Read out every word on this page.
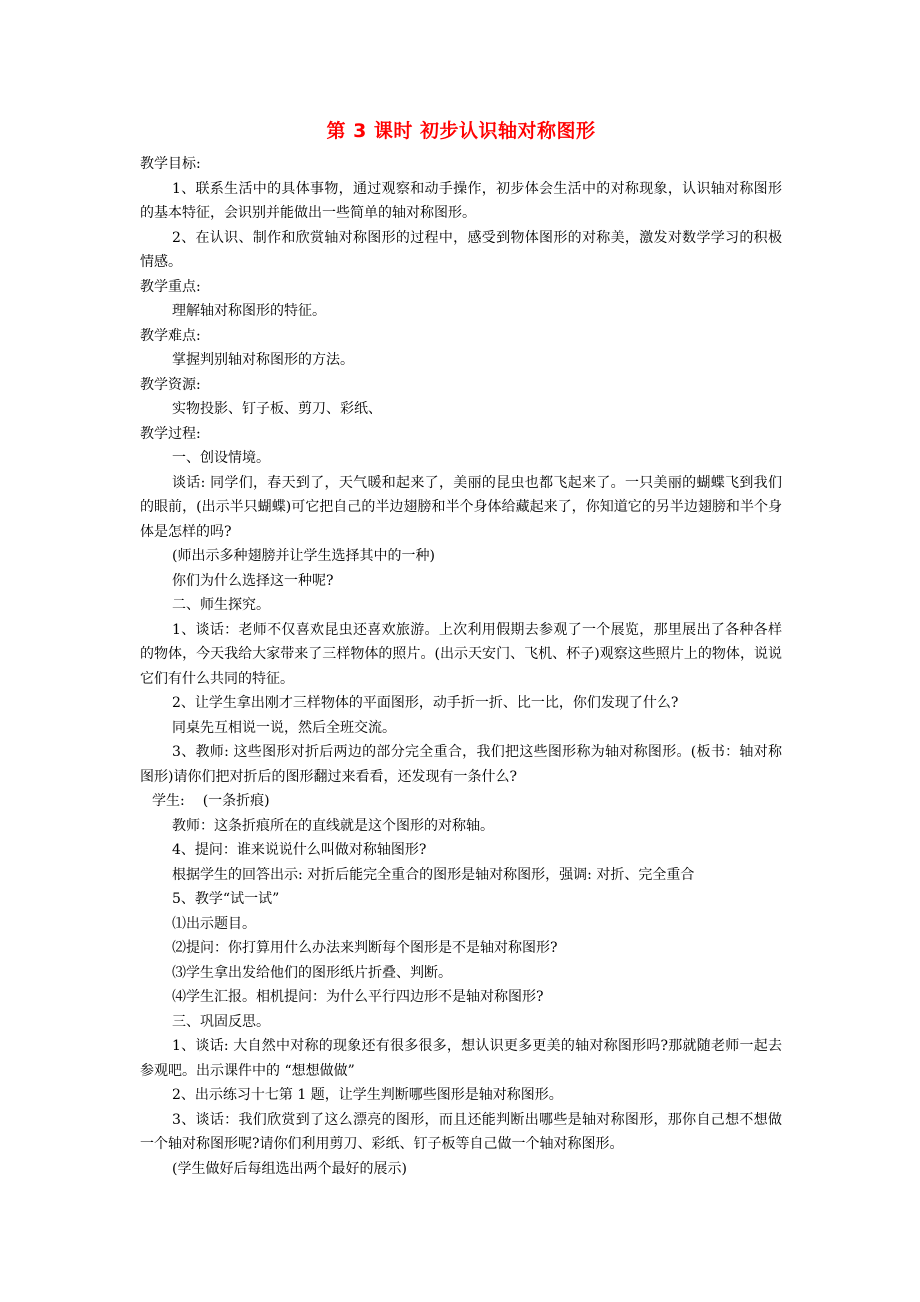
第 3 课时 初步认识轴对称图形

教学目标:

1、联系生活中的具体事物，通过观察和动手操作，初步体会生活中的对称现象，认识轴对称图形的基本特征，会识别并能做出一些简单的轴对称图形。

2、在认识、制作和欣赏轴对称图形的过程中，感受到物体图形的对称美，激发对数学学习的积极情感。

教学重点:

理解轴对称图形的特征。

教学难点:

掌握判别轴对称图形的方法。

教学资源:

实物投影、钉子板、剪刀、彩纸、

教学过程:

一、创设情境。

谈话: 同学们，春天到了，天气暖和起来了，美丽的昆虫也都飞起来了。一只美丽的蝴蝶飞到我们的眼前，(出示半只蝴蝶)可它把自己的半边翅膀和半个身体给藏起来了，你知道它的另半边翅膀和半个身体是怎样的吗?

(师出示多种翅膀并让学生选择其中的一种)

你们为什么选择这一种呢?

二、师生探究。

1、谈话：老师不仅喜欢昆虫还喜欢旅游。上次利用假期去参观了一个展览，那里展出了各种各样的物体，今天我给大家带来了三样物体的照片。(出示天安门、飞机、杯子)观察这些照片上的物体，说说它们有什么共同的特征。

2、让学生拿出刚才三样物体的平面图形，动手折一折、比一比，你们发现了什么?

同桌先互相说一说，然后全班交流。

3、教师: 这些图形对折后两边的部分完全重合，我们把这些图形称为轴对称图形。(板书：轴对称图形)请你们把对折后的图形翻过来看看，还发现有一条什么?

学生: (一条折痕)

教师：这条折痕所在的直线就是这个图形的对称轴。

4、提问：谁来说说什么叫做对称轴图形?

根据学生的回答出示: 对折后能完全重合的图形是轴对称图形，强调: 对折、完全重合

5、教学“试一试”

⑴出示题目。

⑵提问：你打算用什么办法来判断每个图形是不是轴对称图形?

⑶学生拿出发给他们的图形纸片折叠、判断。

⑷学生汇报。相机提问：为什么平行四边形不是轴对称图形?

三、巩固反思。

1、谈话: 大自然中对称的现象还有很多很多，想认识更多更美的轴对称图形吗?那就随老师一起去参观吧。出示课件中的 “想想做做”

2、出示练习十七第 1 题，让学生判断哪些图形是轴对称图形。

3、谈话：我们欣赏到了这么漂亮的图形，而且还能判断出哪些是轴对称图形，那你自己想不想做一个轴对称图形呢?请你们利用剪刀、彩纸、钉子板等自己做一个轴对称图形。

(学生做好后每组选出两个最好的展示)
